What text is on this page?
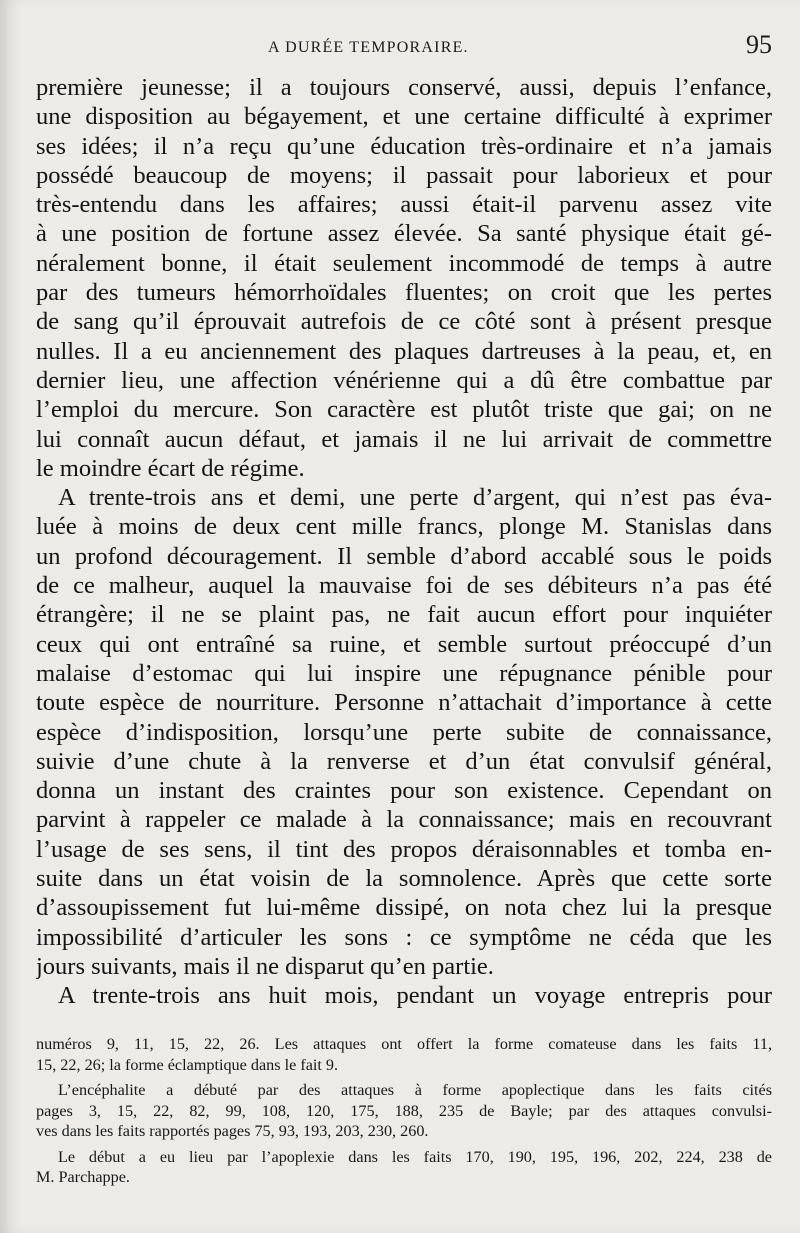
A DURÉE TEMPORAIRE.	95
première jeunesse; il a toujours conservé, aussi, depuis l’enfance,
une disposition au bégayement, et une certaine difficulté à exprimer
ses idées; il n’a reçu qu’une éducation très-ordinaire et n’a jamais
possédé beaucoup de moyens; il passait pour laborieux et pour
très-entendu dans les affaires; aussi était-il parvenu assez vite
à une position de fortune assez élevée. Sa santé physique était gé-
néralement bonne, il était seulement incommodé de temps à autre
par des tumeurs hémorrhoïdales fluentes; on croit que les pertes
de sang qu’il éprouvait autrefois de ce côté sont à présent presque
nulles. Il a eu anciennement des plaques dartreuses à la peau, et, en
dernier lieu, une affection vénérienne qui a dû être combattue par
l’emploi du mercure. Son caractère est plutôt triste que gai; on ne
lui connaît aucun défaut, et jamais il ne lui arrivait de commettre
le moindre écart de régime.
A trente-trois ans et demi, une perte d’argent, qui n’est pas éva-
luée à moins de deux cent mille francs, plonge M. Stanislas dans
un profond découragement. Il semble d’abord accablé sous le poids
de ce malheur, auquel la mauvaise foi de ses débiteurs n’a pas été
étrangère; il ne se plaint pas, ne fait aucun effort pour inquiéter
ceux qui ont entraîné sa ruine, et semble surtout préoccupé d’un
malaise d’estomac qui lui inspire une répugnance pénible pour
toute espèce de nourriture. Personne n’attachait d’importance à cette
espèce d’indisposition, lorsqu’une perte subite de connaissance,
suivie d’une chute à la renverse et d’un état convulsif général,
donna un instant des craintes pour son existence. Cependant on
parvint à rappeler ce malade à la connaissance; mais en recouvrant
l’usage de ses sens, il tint des propos déraisonnables et tomba en-
suite dans un état voisin de la somnolence. Après que cette sorte
d’assoupissement fut lui-même dissipé, on nota chez lui la presque
impossibilité d’articuler les sons : ce symptôme ne céda que les
jours suivants, mais il ne disparut qu’en partie.
A trente-trois ans huit mois, pendant un voyage entrepris pour
numéros 9, 11, 15, 22, 26. Les attaques ont offert la forme comateuse dans les faits 11,
15, 22, 26; la forme éclamptique dans le fait 9.
L’encéphalite a débuté par des attaques à forme apoplectique dans les faits cités
pages 3, 15, 22, 82, 99, 108, 120, 175, 188, 235 de Bayle; par des attaques convulsi-
ves dans les faits rapportés pages 75, 93, 193, 203, 230, 260.
Le début a eu lieu par l’apoplexie dans les faits 170, 190, 195, 196, 202, 224, 238 de
M. Parchappe.
